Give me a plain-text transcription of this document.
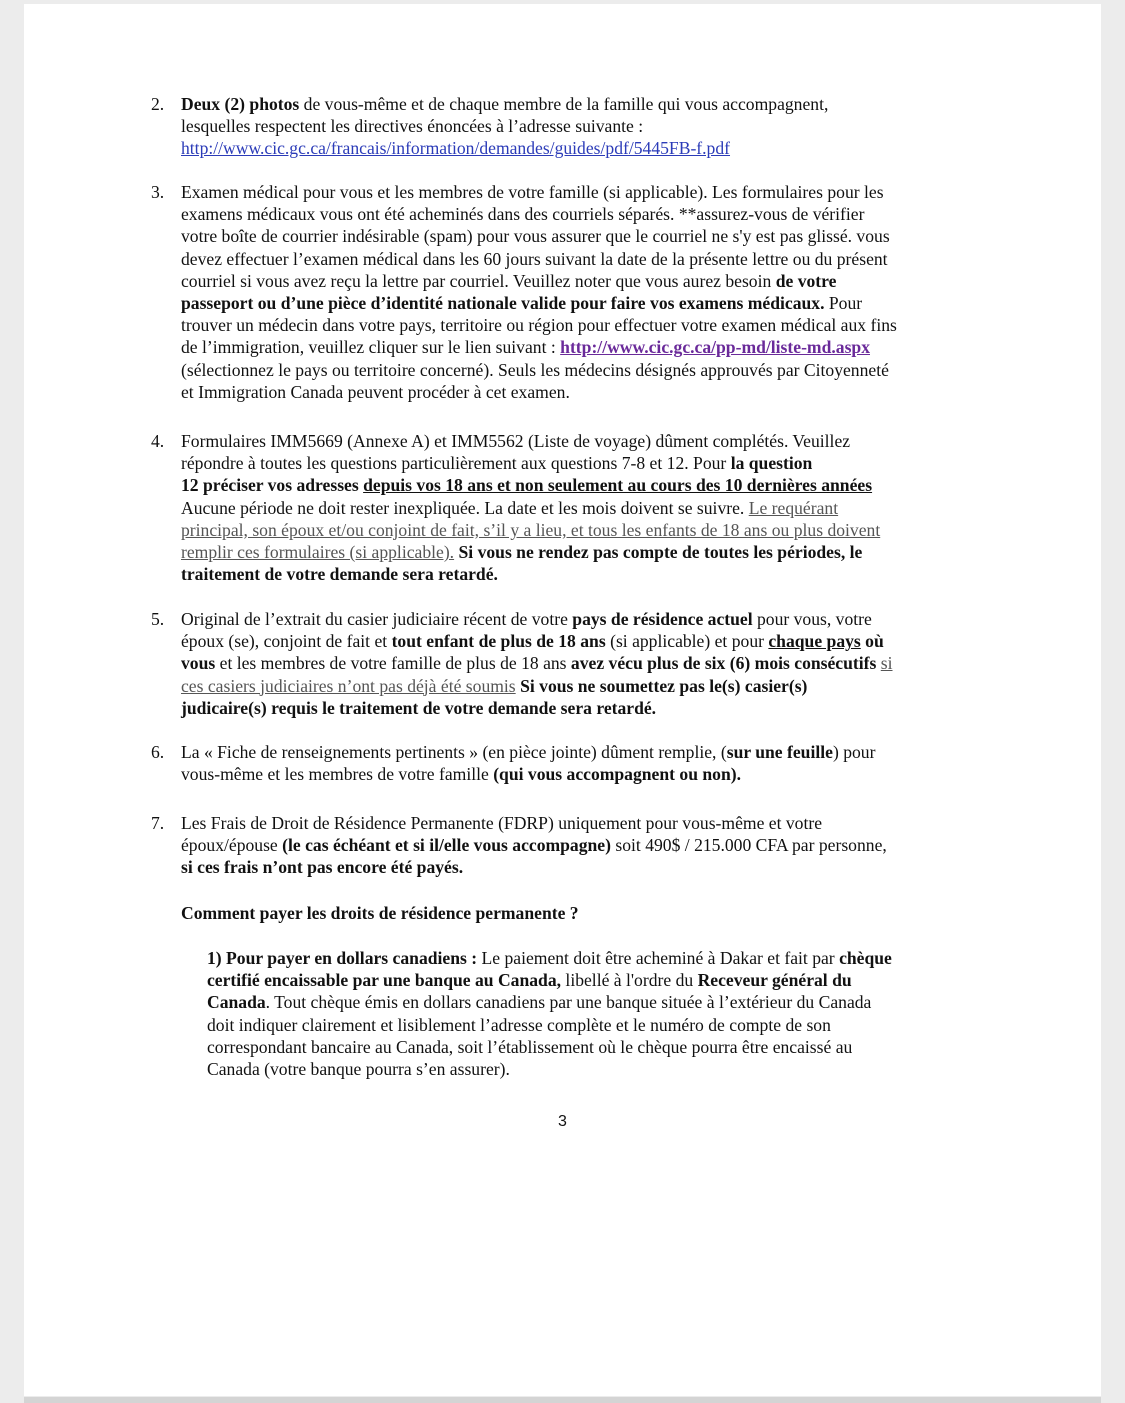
2. Deux (2) photos de vous-même et de chaque membre de la famille qui vous accompagnent,
lesquelles respectent les directives énoncées à l’adresse suivante :
http://www.cic.gc.ca/francais/information/demandes/guides/pdf/5445FB-f.pdf
3. Examen médical pour vous et les membres de votre famille (si applicable). Les formulaires pour les
examens médicaux vous ont été acheminés dans des courriels séparés. **assurez-vous de vérifier
votre boîte de courrier indésirable (spam) pour vous assurer que le courriel ne s'y est pas glissé. vous
devez effectuer l’examen médical dans les 60 jours suivant la date de la présente lettre ou du présent
courriel si vous avez reçu la lettre par courriel. Veuillez noter que vous aurez besoin de votre
passeport ou d’une pièce d’identité nationale valide pour faire vos examens médicaux. Pour
trouver un médecin dans votre pays, territoire ou région pour effectuer votre examen médical aux fins
de l’immigration, veuillez cliquer sur le lien suivant : http://www.cic.gc.ca/pp-md/liste-md.aspx
(sélectionnez le pays ou territoire concerné). Seuls les médecins désignés approuvés par Citoyenneté
et Immigration Canada peuvent procéder à cet examen.
4. Formulaires IMM5669 (Annexe A) et IMM5562 (Liste de voyage) dûment complétés. Veuillez
répondre à toutes les questions particulièrement aux questions 7-8 et 12. Pour la question
12 préciser vos adresses depuis vos 18 ans et non seulement au cours des 10 dernières années
Aucune période ne doit rester inexpliquée. La date et les mois doivent se suivre. Le requérant
principal, son époux et/ou conjoint de fait, s’il y a lieu, et tous les enfants de 18 ans ou plus doivent
remplir ces formulaires (si applicable). Si vous ne rendez pas compte de toutes les périodes, le
traitement de votre demande sera retardé.
5. Original de l’extrait du casier judiciaire récent de votre pays de résidence actuel pour vous, votre
époux (se), conjoint de fait et tout enfant de plus de 18 ans (si applicable) et pour chaque pays où
vous et les membres de votre famille de plus de 18 ans avez vécu plus de six (6) mois consécutifs si
ces casiers judiciaires n’ont pas déjà été soumis Si vous ne soumettez pas le(s) casier(s)
judicaire(s) requis le traitement de votre demande sera retardé.
6. La « Fiche de renseignements pertinents » (en pièce jointe) dûment remplie, (sur une feuille) pour
vous-même et les membres de votre famille (qui vous accompagnent ou non).
7. Les Frais de Droit de Résidence Permanente (FDRP) uniquement pour vous-même et votre
époux/épouse (le cas échéant et si il/elle vous accompagne) soit 490$ / 215.000 CFA par personne,
si ces frais n’ont pas encore été payés.
Comment payer les droits de résidence permanente ?
1) Pour payer en dollars canadiens : Le paiement doit être acheminé à Dakar et fait par chèque
certifié encaissable par une banque au Canada, libellé à l'ordre du Receveur général du
Canada. Tout chèque émis en dollars canadiens par une banque située à l’extérieur du Canada
doit indiquer clairement et lisiblement l’adresse complète et le numéro de compte de son
correspondant bancaire au Canada, soit l’établissement où le chèque pourra être encaissé au
Canada (votre banque pourra s’en assurer).
3
